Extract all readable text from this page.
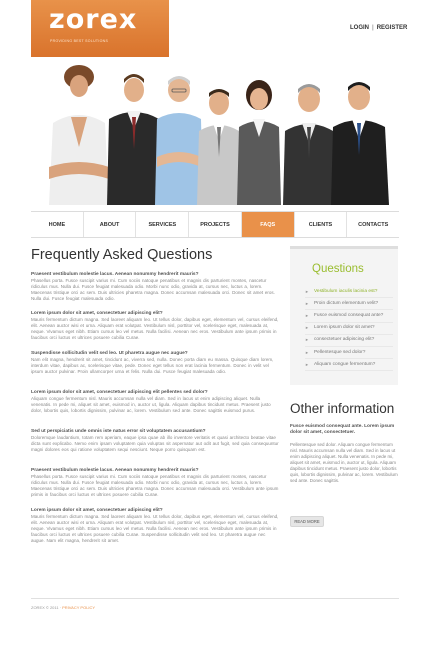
zorex
PROVIDING BEST SOLUTIONS
LOGIN | REGISTER
HOME	ABOUT	SERVICES	PROJECTS	FAQS	CLIENTS	CONTACTS
Frequently Asked Questions
Praesent vestibulum molestie lacus. Aenean nonummy hendrerit mauris?
Phasellus porta. Fusce suscipit varius mi. Cum sociis natoque penatibus et magnis dis parturient montes, nascetur ridiculus mus. Nulla dui. Fusce feugiat malesuada odio. Morbi nunc odio, gravida at, cursus nec, luctus a, lorem. Maecenas tristique orci ac sem. Duis ultricies pharetra magna. Donec accumsan malesuada orci. Donec sit amet eros. Nulla dui. Fusce feugiat malesuada odio.
Lorem ipsum dolor sit amet, consectetuer adipiscing elit?
Mauris fermentum dictum magna. Sed laoreet aliquam leo. Ut tellus dolor, dapibus eget, elementum vel, cursus eleifend, elit. Aenean auctor wisi et urna. Aliquam erat volutpat. Vestibulum nisl, porttitor vel, scelerisque eget, malesuada at, neque. Vivamus eget nibh. Etiam cursus leo vel metus. Nulla facilisi. Aenean nec eros. Vestibulum ante ipsum primis in faucibus orci luctus et ultrices posuere cubilia Curae.
Suspendisse sollicitudin velit sed leo. Ut pharetra augue nec augue?
Nam elit magna, hendrerit sit amet, tincidunt ac, viverra sed, nulla. Donec porta diam eu massa. Quisque diam lorem, interdum vitae, dapibus ac, scelerisque vitae, pede. Donec eget tellus non erat lacinia fermentum. Donec in velit vel ipsum auctor pulvinar. Proin ullamcorper urna et felis. Nulla dui. Fusce feugiat malesuada odio.
Lorem ipsum dolor sit amet, consectetuer adipiscing elit pellentes sed dolor?
Aliquam congue fermentum nisl. Mauris accumsan nulla vel diam. Sed in lacus ut enim adipiscing aliquet. Nulla venenatis. In pede mi, aliquet sit amet, euismod in, auctor ut, ligula. Aliquam dapibus tincidunt metus. Praesent justo dolor, lobortis quis, lobortis dignissim, pulvinar ac, lorem. Vestibulum sed ante. Donec sagittis euismod purus.
Sed ut perspiciatis unde omnis iste natus error sit voluptatem accusantium?
Doloremque laudantium, totam rem aperiam, eaque ipsa quae ab illo inventore veritatis et quasi architecto beatae vitae dicta sunt explicabo. Nemo enim ipsam voluptatem quia voluptas sit aspernatur aut odit aut fugit, sed quia consequuntur magni dolores eos qui ratione voluptatem sequi nesciunt. Neque porro quisquam est.
Praesent vestibulum molestie lacus. Aenean nonummy hendrerit mauris?
Phasellus porta. Fusce suscipit varius mi. Cum sociis natoque penatibus et magnis dis parturient montes, nascetur ridiculus mus. Nulla dui. Fusce feugiat malesuada odio. Morbi nunc odio, gravida at, cursus nec, luctus a, lorem. Maecenas tristique orci ac sem. Duis ultricies pharetra magna. Donec accumsan malesuada orci. Vestibulum ante ipsum primis in faucibus orci luctus et ultrices posuere cubilia Curae.
Lorem ipsum dolor sit amet, consectetuer adipiscing elit?
Mauris fermentum dictum magna. Sed laoreet aliquam leo. Ut tellus dolor, dapibus eget, elementum vel, cursus eleifend, elit. Aenean auctor wisi et urna. Aliquam erat volutpat. Vestibulum nisl, porttitor vel, scelerisque eget, malesuada at, neque. Vivamus eget nibh. Etiam cursus leo vel metus. Nulla facilisi. Aenean nec eros. Vestibulum ante ipsum primis in faucibus orci luctus et ultrices posuere cubilia Curae. Suspendisse sollicitudin velit sed leo. Ut pharetra augue nec augue. Nam elit magna, hendrerit sit amet.
Questions
► Vestibulum iaculis lacinia est?
► Proin dictum elementum velit?
► Fusce euismod consequat ante?
► Lorem ipsum dolor sit amet?
► consectetuer adipiscing elit?
► Pellentesque sed dolor?
► Aliquam congue fermentum?
Other information
Fusce euismod consequat ante. Lorem ipsum dolor sit amet, consectetuer.
Pellentesque sed dolor. Aliquam congue fermentum nisl. Mauris accumsan nulla vel diam. Sed in lacus ut enim adipiscing aliquet. Nulla venenatis. In pede mi, aliquet sit amet, euismod in, auctor ut, ligula. Aliquam dapibus tincidunt metus. Praesent justo dolor, lobortis quis, lobortis dignissim, pulvinar ac, lorem. Vestibulum sed ante. Donec sagittis.
READ MORE
ZOREX © 2011 · PRIVACY POLICY
